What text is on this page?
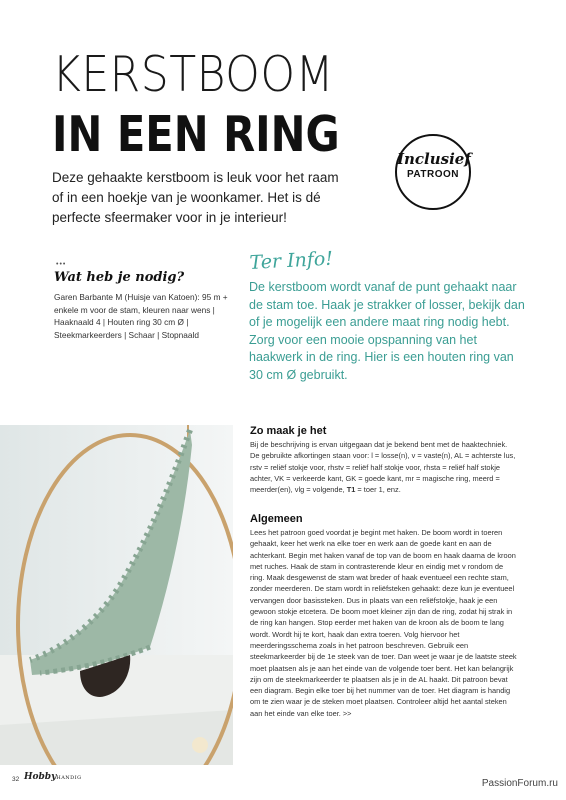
KERSTBOOM
IN EEN RING
Deze gehaakte kerstboom is leuk voor het raam of in een hoekje van je woonkamer. Het is dé perfecte sfeermaker voor in je interieur!
Inclusief
PATROON
•••
Wat heb je nodig?
Garen Barbante M (Huisje van Katoen): 95 m + enkele m voor de stam, kleuren naar wens | Haaknaald 4 | Houten ring 30 cm Ø | Steekmarkeerders | Schaar | Stopnaald
Ter Info!
De kerstboom wordt vanaf de punt gehaakt naar de stam toe. Haak je strakker of losser, bekijk dan of je mogelijk een andere maat ring nodig hebt. Zorg voor een mooie opspanning van het haakwerk in de ring. Hier is een houten ring van 30 cm Ø gebruikt.
Zo maak je het
Bij de beschrijving is ervan uitgegaan dat je bekend bent met de haaktechniek. De gebruikte afkortingen staan voor: l = losse(n), v = vaste(n), AL = achterste lus, rstv = reliëf stokje voor, rhstv = reliëf half stokje voor, rhsta = reliëf half stokje achter, VK = verkeerde kant, GK = goede kant, mr = magische ring, meerd = meerder(en), vlg = volgende, T1 = toer 1, enz.
Algemeen
Lees het patroon goed voordat je begint met haken. De boom wordt in toeren gehaakt, keer het werk na elke toer en werk aan de goede kant en aan de achterkant. Begin met haken vanaf de top van de boom en haak daarna de kroon met ruches. Haak de stam in contrasterende kleur en eindig met v rondom de ring. Maak desgewenst de stam wat breder of haak eventueel een rechte stam, zonder meerderen. De stam wordt in reliëfsteken gehaakt: deze kun je eventueel vervangen door basissteken. Dus in plaats van een reliëfstokje, haak je een gewoon stokje etcetera. De boom moet kleiner zijn dan de ring, zodat hij strak in de ring kan hangen. Stop eerder met haken van de kroon als de boom te lang wordt. Wordt hij te kort, haak dan extra toeren. Volg hiervoor het meerderingsschema zoals in het patroon beschreven. Gebruik een steekmarkeerder bij de 1e steek van de toer. Dan weet je waar je de laatste steek moet plaatsen als je aan het einde van de volgende toer bent. Het kan belangrijk zijn om de steekmarkeerder te plaatsen als je in de AL haakt. Dit patroon bevat een diagram. Begin elke toer bij het nummer van de toer. Het diagram is handig om te zien waar je de steken moet plaatsen. Controleer altijd het aantal steken aan het einde van elke toer. >>
32 HobbyHANDIG	PassionForum.ru
